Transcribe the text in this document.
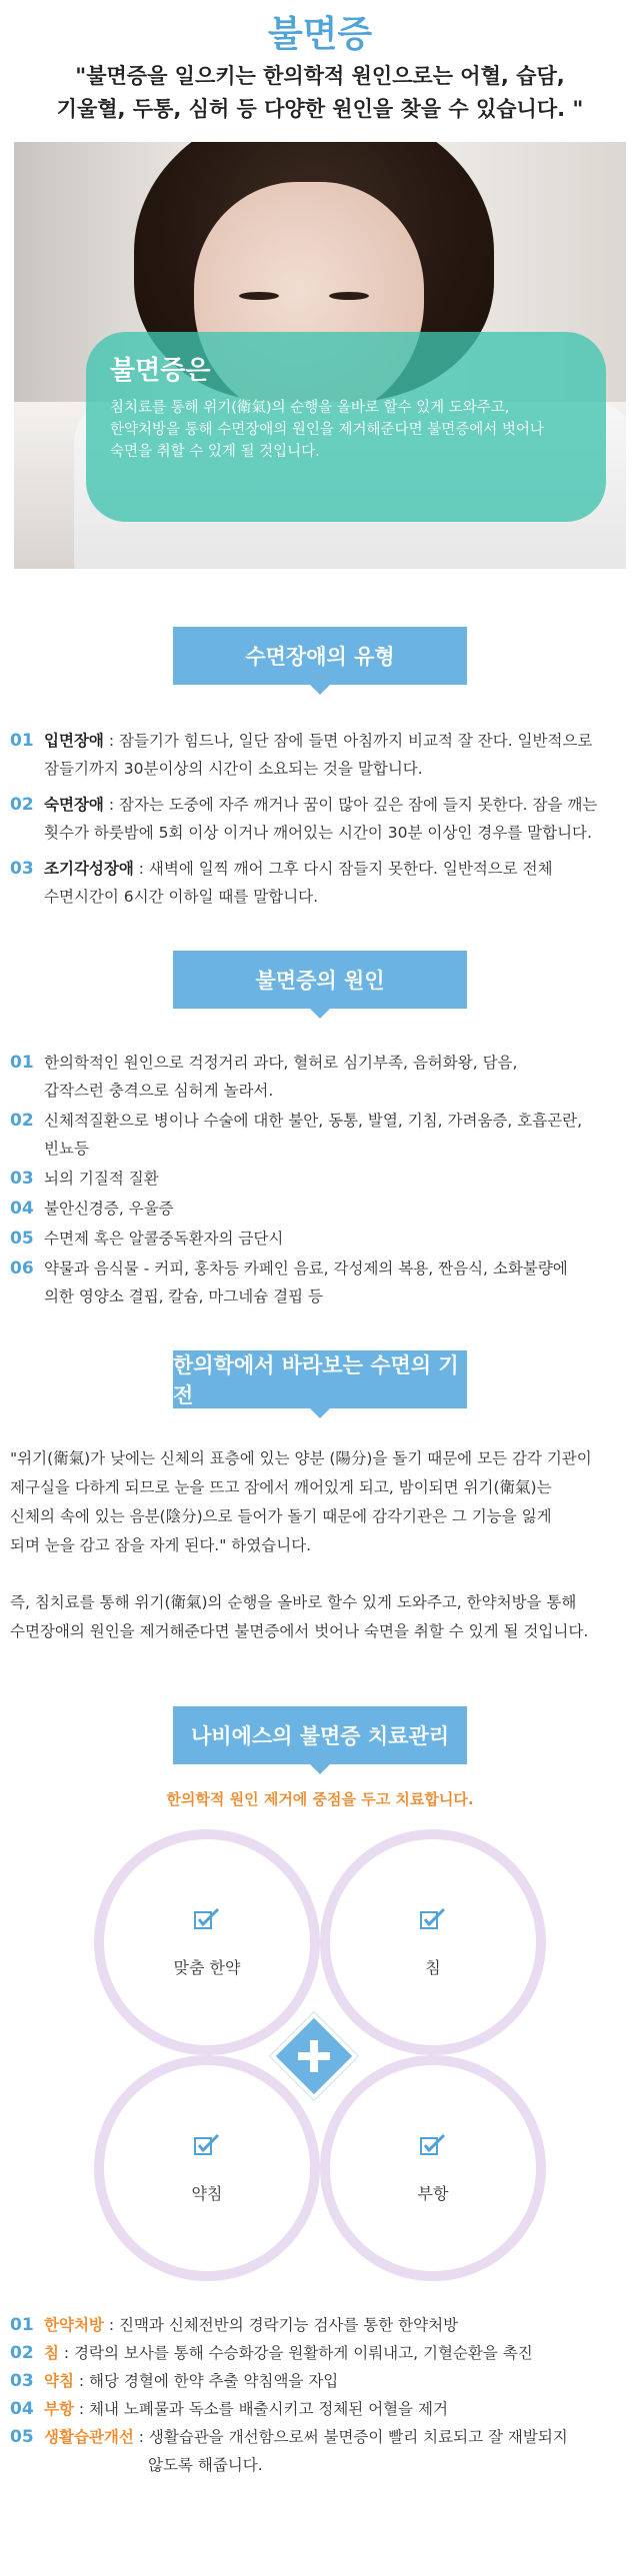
불면증
"불면증을 일으키는 한의학적 원인으로는 어혈, 습담,
기울혈, 두통, 심허 등 다양한 원인을 찾을 수 있습니다. "
불면증은
침치료를 통해 위기(衛氣)의 순행을 올바로 할수 있게 도와주고,
한약처방을 통해 수면장애의 원인을 제거해준다면 불면증에서 벗어나
숙면을 취할 수 있게 될 것입니다.
수면장애의 유형
01 입면장애 : 잠들기가 힘드나, 일단 잠에 들면 아침까지 비교적 잘 잔다. 일반적으로
잠들기까지 30분이상의 시간이 소요되는 것을 말합니다.
02 숙면장애 : 잠자는 도중에 자주 깨거나 꿈이 많아 깊은 잠에 들지 못한다. 잠을 깨는
횟수가 하룻밤에 5회 이상 이거나 깨어있는 시간이 30분 이상인 경우를 말합니다.
03 조기각성장애 : 새벽에 일찍 깨어 그후 다시 잠들지 못한다. 일반적으로 전체
수면시간이 6시간 이하일 때를 말합니다.
불면증의 원인
01 한의학적인 원인으로 걱정거리 과다, 혈허로 심기부족, 음허화왕, 담음,
갑작스런 충격으로 심허게 놀라서.
02 신체적질환으로 병이나 수술에 대한 불안, 동통, 발열, 기침, 가려움증, 호흡곤란,
빈뇨등
03 뇌의 기질적 질환
04 불안신경증, 우울증
05 수면제 혹은 알콜중독환자의 금단시
06 약물과 음식물 - 커피, 홍차등 카페인 음료, 각성제의 복용, 짠음식, 소화불량에
의한 영양소 결핍, 칼슘, 마그네슘 결핍 등
한의학에서 바라보는 수면의 기전
"위기(衛氣)가 낮에는 신체의 표층에 있는 양분 (陽分)을 돌기 때문에 모든 감각 기관이
제구실을 다하게 되므로 눈을 뜨고 잠에서 깨어있게 되고, 밤이되면 위기(衛氣)는
신체의 속에 있는 음분(陰分)으로 들어가 돌기 때문에 감각기관은 그 기능을 잃게
되며 눈을 감고 잠을 자게 된다." 하였습니다.
즉, 침치료를 통해 위기(衛氣)의 순행을 올바로 할수 있게 도와주고, 한약처방을 통해
수면장애의 원인을 제거해준다면 불면증에서 벗어나 숙면을 취할 수 있게 될 것입니다.
나비에스의 불면증 치료관리
한의학적 원인 제거에 중점을 두고 치료합니다.
맞춤 한약	침
약침	부항
01 한약처방 : 진맥과 신체전반의 경락기능 검사를 통한 한약처방
02 침 : 경락의 보사를 통해 수승화강을 원활하게 이뤄내고, 기혈순환을 촉진
03 약침 : 해당 경혈에 한약 추출 약침액을 자입
04 부항 : 체내 노폐물과 독소를 배출시키고 정체된 어혈을 제거
05 생활습관개선 : 생활습관을 개선함으로써 불면증이 빨리 치료되고 잘 재발되지
않도록 해줍니다.
